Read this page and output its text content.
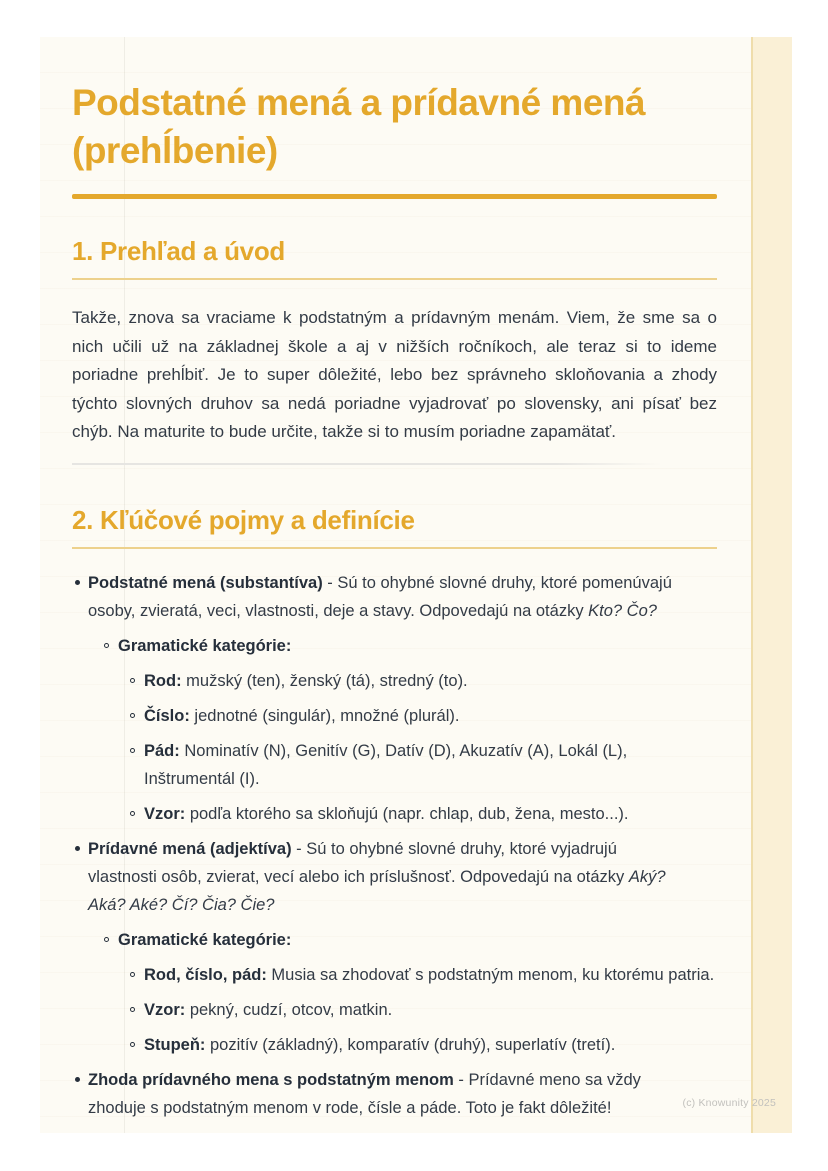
Podstatné mená a prídavné mená (prehĺbenie)
1. Prehľad a úvod

Takže, znova sa vraciame k podstatným a prídavným menám. Viem, že sme sa o nich učili už na základnej škole a aj v nižších ročníkoch, ale teraz si to ideme poriadne prehĺbiť. Je to super dôležité, lebo bez správneho skloňovania a zhody týchto slovných druhov sa nedá poriadne vyjadrovať po slovensky, ani písať bez chýb. Na maturite to bude určite, takže si to musím poriadne zapamätať.

2. Kľúčové pojmy a definície
Podstatné mená (substantíva) - Sú to ohybné slovné druhy, ktoré pomenúvajú osoby, zvieratá, veci, vlastnosti, deje a stavy. Odpovedajú na otázky Kto? Čo?
Gramatické kategórie:
Rod: mužský (ten), ženský (tá), stredný (to).
Číslo: jednotné (singulár), množné (plurál).
Pád: Nominatív (N), Genitív (G), Datív (D), Akuzatív (A), Lokál (L), Inštrumentál (I).
Vzor: podľa ktorého sa skloňujú (napr. chlap, dub, žena, mesto...).
Prídavné mená (adjektíva) - Sú to ohybné slovné druhy, ktoré vyjadrujú vlastnosti osôb, zvierat, vecí alebo ich príslušnosť. Odpovedajú na otázky Aký? Aká? Aké? Čí? Čia? Čie?
Gramatické kategórie:
Rod, číslo, pád: Musia sa zhodovať s podstatným menom, ku ktorému patria.
Vzor: pekný, cudzí, otcov, matkin.
Stupeň: pozitív (základný), komparatív (druhý), superlatív (tretí).
Zhoda prídavného mena s podstatným menom - Prídavné meno sa vždy zhoduje s podstatným menom v rode, čísle a páde. Toto je fakt dôležité!	(c) Knowunity 2025
